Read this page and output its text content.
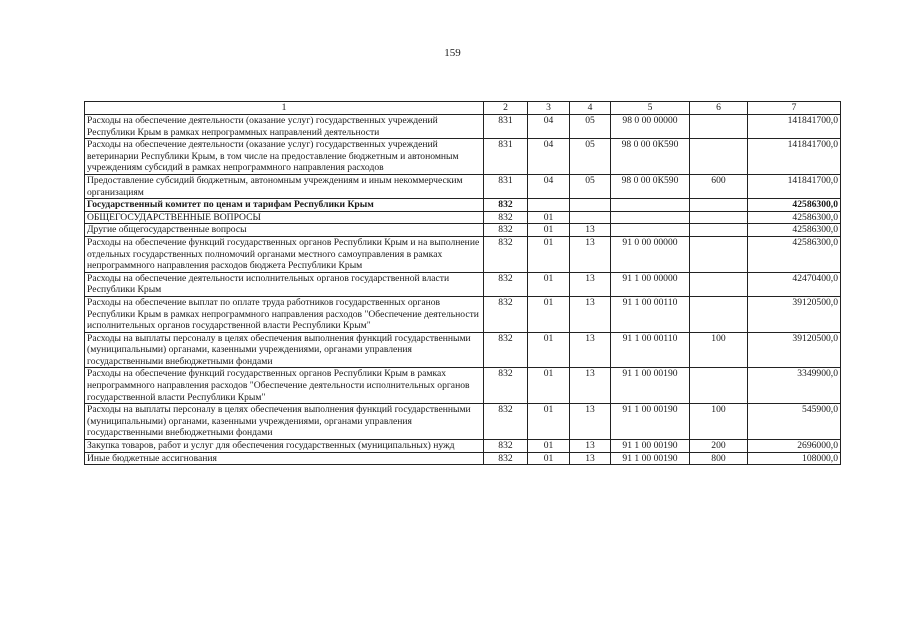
159
1	2	3	4	5	6	7
Расходы на обеспечение деятельности (оказание услуг) государственных учреждений Республики Крым в рамках непрограммных направлений деятельности	831	04	05	98 0 00 00000		141841700,0
Расходы на обеспечение деятельности (оказание услуг) государственных учреждений ветеринарии Республики Крым, в том числе на предоставление бюджетным и автономным учреждениям субсидий в рамках непрограммного направления расходов	831	04	05	98 0 00 0К590		141841700,0
Предоставление субсидий бюджетным, автономным учреждениям и иным некоммерческим организациям	831	04	05	98 0 00 0К590	600	141841700,0
Государственный комитет по ценам и тарифам Республики Крым	832					42586300,0
ОБЩЕГОСУДАРСТВЕННЫЕ ВОПРОСЫ	832	01				42586300,0
Другие общегосударственные вопросы	832	01	13			42586300,0
Расходы на обеспечение функций государственных органов Республики Крым и на выполнение отдельных государственных полномочий органами местного самоуправления в рамках непрограммного направления расходов бюджета Республики Крым	832	01	13	91 0 00 00000		42586300,0
Расходы на обеспечение деятельности исполнительных органов государственной власти Республики Крым	832	01	13	91 1 00 00000		42470400,0
Расходы на обеспечение выплат по оплате труда работников государственных органов Республики Крым в рамках непрограммного направления расходов "Обеспечение деятельности исполнительных органов государственной власти Республики Крым"	832	01	13	91 1 00 00110		39120500,0
Расходы на выплаты персоналу в целях обеспечения выполнения функций государственными (муниципальными) органами, казенными учреждениями, органами управления государственными внебюджетными фондами	832	01	13	91 1 00 00110	100	39120500,0
Расходы на обеспечение функций государственных органов Республики Крым в рамках непрограммного направления расходов "Обеспечение деятельности исполнительных органов государственной власти Республики Крым"	832	01	13	91 1 00 00190		3349900,0
Расходы на выплаты персоналу в целях обеспечения выполнения функций государственными (муниципальными) органами, казенными учреждениями, органами управления государственными внебюджетными фондами	832	01	13	91 1 00 00190	100	545900,0
Закупка товаров, работ и услуг для обеспечения государственных (муниципальных) нужд	832	01	13	91 1 00 00190	200	2696000,0
Иные бюджетные ассигнования	832	01	13	91 1 00 00190	800	108000,0
